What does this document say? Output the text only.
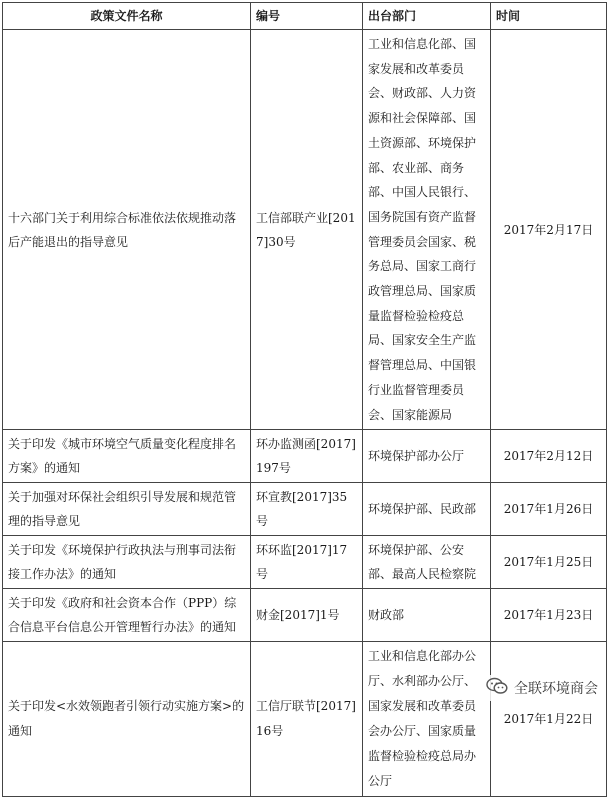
政策文件名称	编号	出台部门	时间
十六部门关于利用综合标准依法依规推动落后产能退出的指导意见	工信部联产业[2017]30号	工业和信息化部、国家发展和改革委员会、财政部、人力资源和社会保障部、国土资源部、环境保护部、农业部、商务部、中国人民银行、国务院国有资产监督管理委员会国家、税务总局、国家工商行政管理总局、国家质量监督检验检疫总局、国家安全生产监督管理总局、中国银行业监督管理委员会、国家能源局	2017年2月17日
关于印发《城市环境空气质量变化程度排名方案》的通知	环办监测函[2017]197号	环境保护部办公厅	2017年2月12日
关于加强对环保社会组织引导发展和规范管理的指导意见	环宣教[2017]35号	环境保护部、民政部	2017年1月26日
关于印发《环境保护行政执法与刑事司法衔接工作办法》的通知	环环监[2017]17号	环境保护部、公安部、最高人民检察院	2017年1月25日
关于印发《政府和社会资本合作（PPP）综合信息平台信息公开管理暂行办法》的通知	财金[2017]1号	财政部	2017年1月23日
关于印发<水效领跑者引领行动实施方案>的通知	工信厅联节[2017]16号	工业和信息化部办公厅、水利部办公厅、国家发展和改革委员会办公厅、国家质量监督检验检疫总局办公厅	2017年1月22日
全联环境商会
